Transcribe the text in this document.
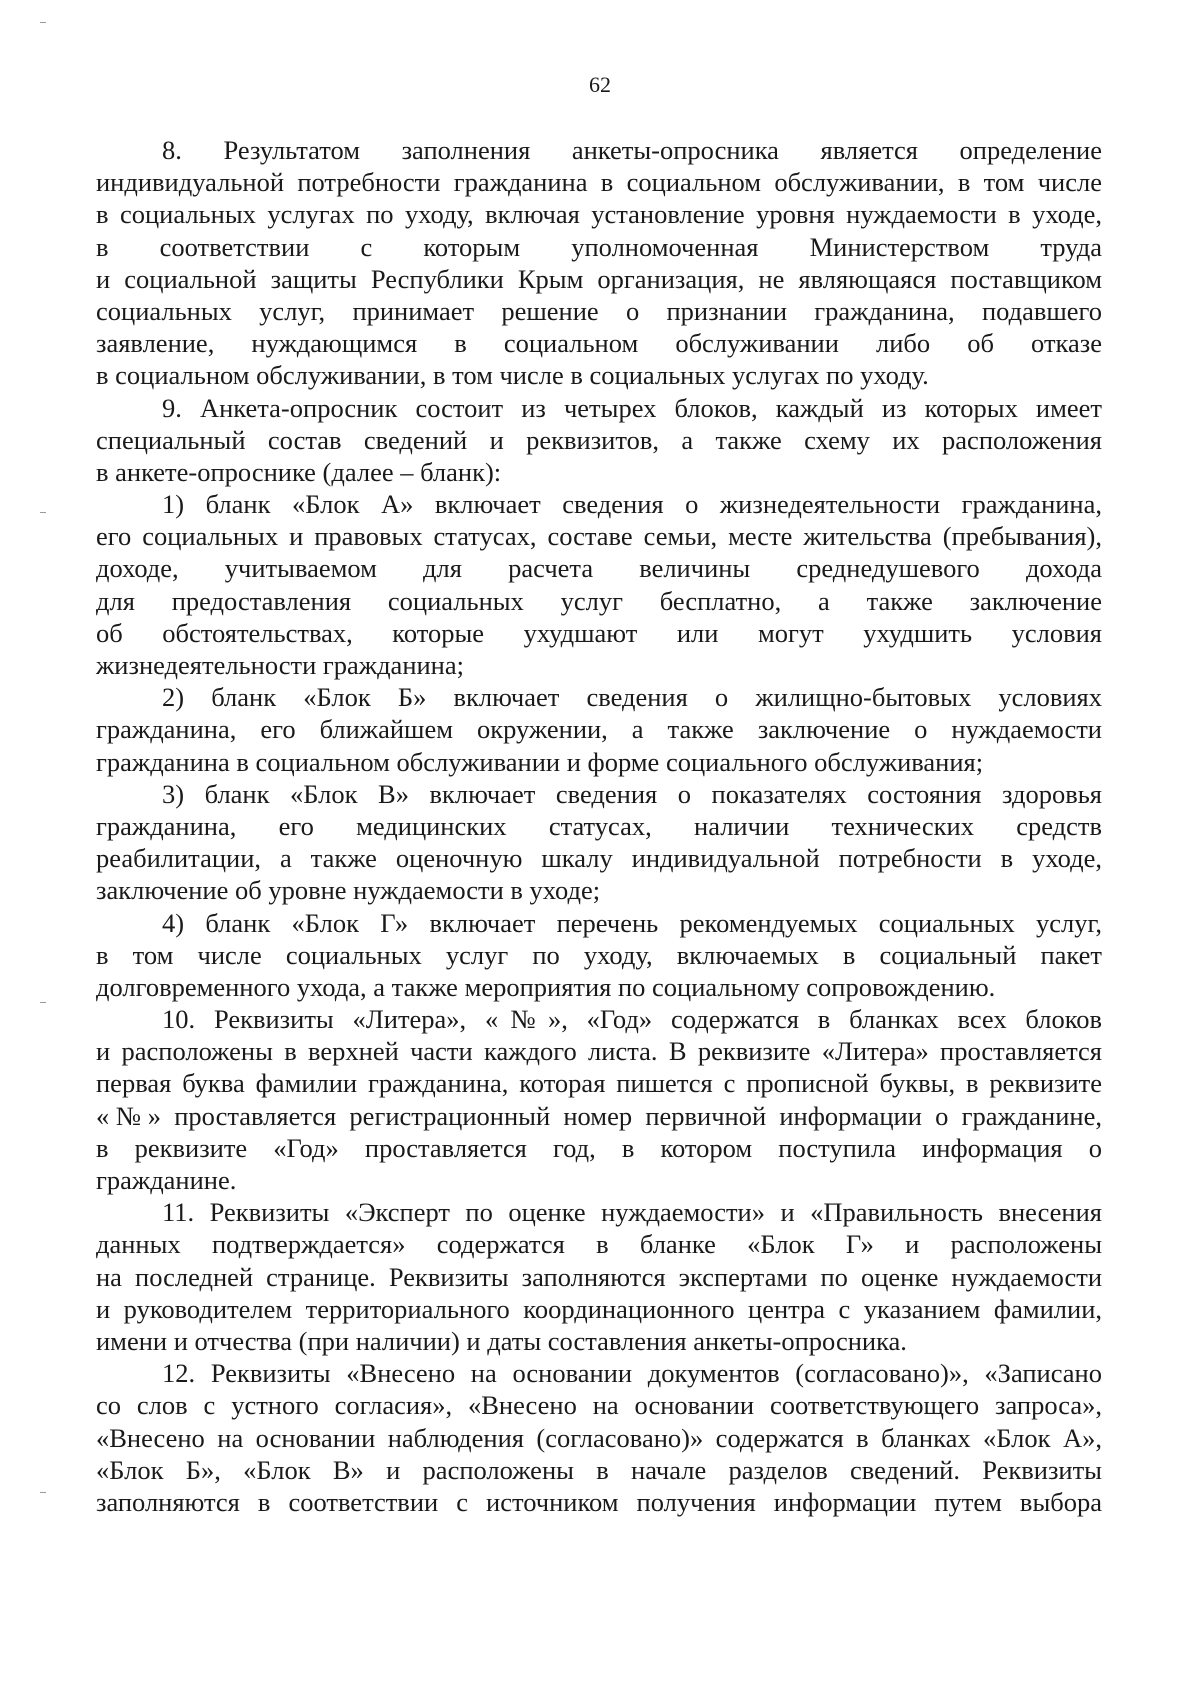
62
8. Результатом заполнения анкеты-опросника является определение
индивидуальной потребности гражданина в социальном обслуживании, в том числе
в социальных услугах по уходу, включая установление уровня нуждаемости в уходе,
в соответствии с которым уполномоченная Министерством труда
и социальной защиты Республики Крым организация, не являющаяся поставщиком
социальных услуг, принимает решение о признании гражданина, подавшего
заявление, нуждающимся в социальном обслуживании либо об отказе
в социальном обслуживании, в том числе в социальных услугах по уходу.
9. Анкета-опросник состоит из четырех блоков, каждый из которых имеет
специальный состав сведений и реквизитов, а также схему их расположения
в анкете-опроснике (далее – бланк):
1) бланк «Блок А» включает сведения о жизнедеятельности гражданина,
его социальных и правовых статусах, составе семьи, месте жительства (пребывания),
доходе, учитываемом для расчета величины среднедушевого дохода
для предоставления социальных услуг бесплатно, а также заключение
об обстоятельствах, которые ухудшают или могут ухудшить условия
жизнедеятельности гражданина;
2) бланк «Блок Б» включает сведения о жилищно-бытовых условиях
гражданина, его ближайшем окружении, а также заключение о нуждаемости
гражданина в социальном обслуживании и форме социального обслуживания;
3) бланк «Блок В» включает сведения о показателях состояния здоровья
гражданина, его медицинских статусах, наличии технических средств
реабилитации, а также оценочную шкалу индивидуальной потребности в уходе,
заключение об уровне нуждаемости в уходе;
4) бланк «Блок Г» включает перечень рекомендуемых социальных услуг,
в том числе социальных услуг по уходу, включаемых в социальный пакет
долговременного ухода, а также мероприятия по социальному сопровождению.
10. Реквизиты «Литера», «№», «Год» содержатся в бланках всех блоков
и расположены в верхней части каждого листа. В реквизите «Литера» проставляется
первая буква фамилии гражданина, которая пишется с прописной буквы, в реквизите
«№» проставляется регистрационный номер первичной информации о гражданине,
в реквизите «Год» проставляется год, в котором поступила информация о
гражданине.
11. Реквизиты «Эксперт по оценке нуждаемости» и «Правильность внесения
данных подтверждается» содержатся в бланке «Блок Г» и расположены
на последней странице. Реквизиты заполняются экспертами по оценке нуждаемости
и руководителем территориального координационного центра с указанием фамилии,
имени и отчества (при наличии) и даты составления анкеты-опросника.
12. Реквизиты «Внесено на основании документов (согласовано)», «Записано
со слов с устного согласия», «Внесено на основании соответствующего запроса»,
«Внесено на основании наблюдения (согласовано)» содержатся в бланках «Блок А»,
«Блок Б», «Блок В» и расположены в начале разделов сведений. Реквизиты
заполняются в соответствии с источником получения информации путем выбора
